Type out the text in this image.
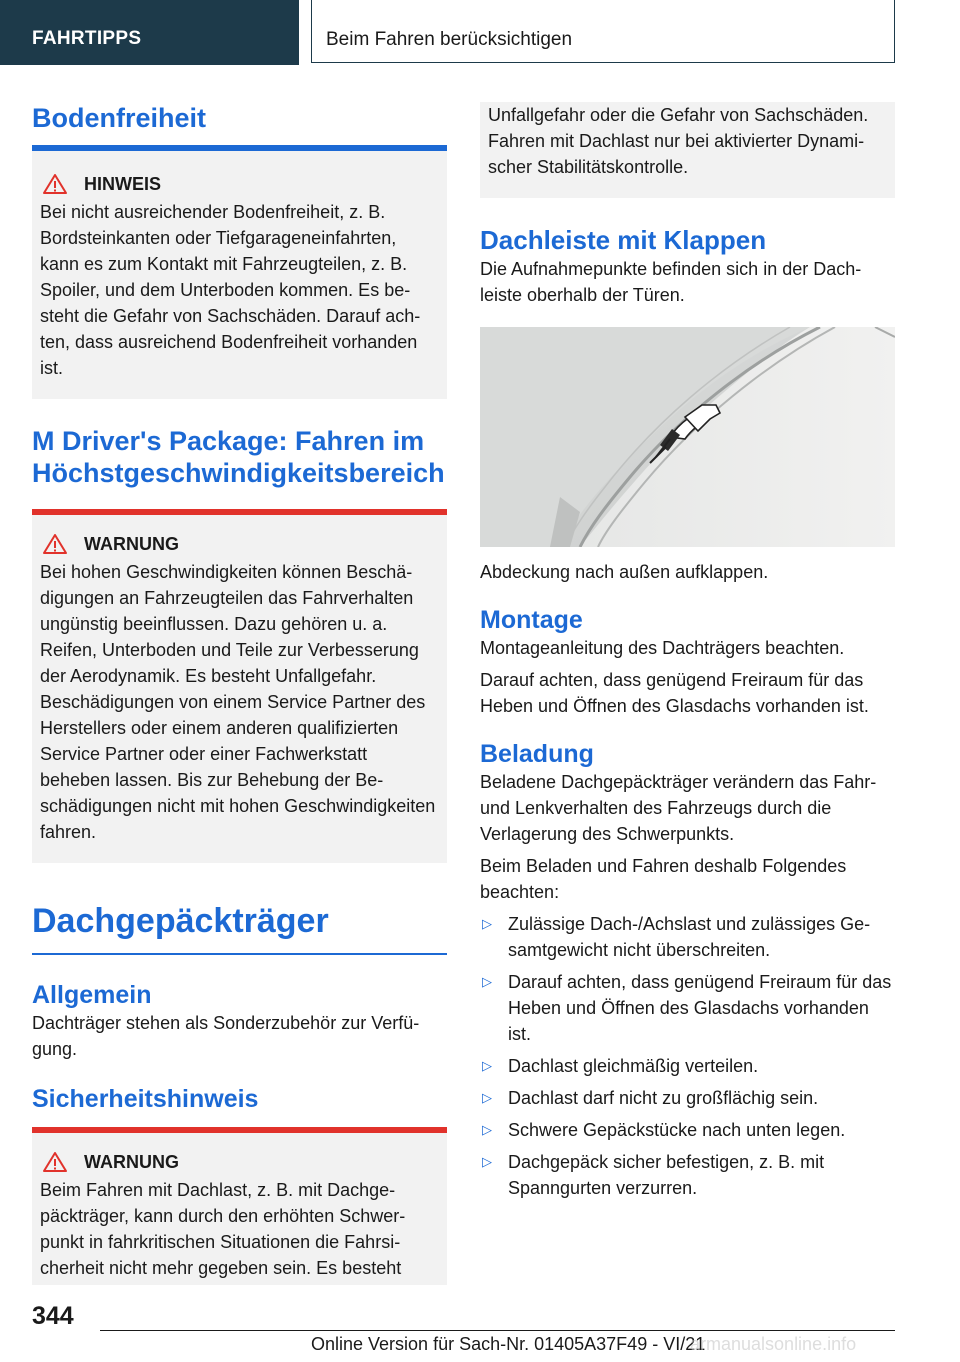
FAHRTIPPS	Beim Fahren berücksichtigen
Bodenfreiheit
HINWEIS

Bei nicht ausreichender Bodenfreiheit, z. B. Bordsteinkanten oder Tiefgarageneinfahrten, kann es zum Kontakt mit Fahrzeugteilen, z. B. Spoiler, und dem Unterboden kommen. Es besteht die Gefahr von Sachschäden. Darauf achten, dass ausreichend Bodenfreiheit vorhanden ist.

M Driver's Package: Fahren im Höchstgeschwindigkeitsbereich
WARNUNG

Bei hohen Geschwindigkeiten können Beschädigungen an Fahrzeugteilen das Fahrverhalten ungünstig beeinflussen. Dazu gehören u. a. Reifen, Unterboden und Teile zur Verbesserung der Aerodynamik. Es besteht Unfallgefahr. Beschädigungen von einem Service Partner des Herstellers oder einem anderen qualifizierten Service Partner oder einer Fachwerkstatt beheben lassen. Bis zur Behebung der Beschädigungen nicht mit hohen Geschwindigkeiten fahren.

Dachgepäckträger
Allgemein

Dachträger stehen als Sonderzubehör zur Verfügung.

Sicherheitshinweis
WARNUNG

Beim Fahren mit Dachlast, z. B. mit Dachgepäckträger, kann durch den erhöhten Schwerpunkt in fahrkritischen Situationen die Fahrsicherheit nicht mehr gegeben sein. Es besteht

Unfallgefahr oder die Gefahr von Sachschäden. Fahren mit Dachlast nur bei aktivierter Dynamischer Stabilitätskontrolle.

Dachleiste mit Klappen

Die Aufnahmepunkte befinden sich in der Dachleiste oberhalb der Türen.

Abdeckung nach außen aufklappen.

Montage

Montageanleitung des Dachträgers beachten.

Darauf achten, dass genügend Freiraum für das Heben und Öffnen des Glasdachs vorhanden ist.

Beladung

Beladene Dachgepäckträger verändern das Fahr- und Lenkverhalten des Fahrzeugs durch die Verlagerung des Schwerpunkts.

Beim Beladen und Fahren deshalb Folgendes beachten:

▷ Zulässige Dach-/Achslast und zulässiges Gesamtgewicht nicht überschreiten.
▷ Darauf achten, dass genügend Freiraum für das Heben und Öffnen des Glasdachs vorhanden ist.
▷ Dachlast gleichmäßig verteilen.
▷ Dachlast darf nicht zu großflächig sein.
▷ Schwere Gepäckstücke nach unten legen.
▷ Dachgepäck sicher befestigen, z. B. mit Spanngurten verzurren.
344
Online Version für Sach-Nr. 01405A37F49 - VI/21
armanualsonline.info
